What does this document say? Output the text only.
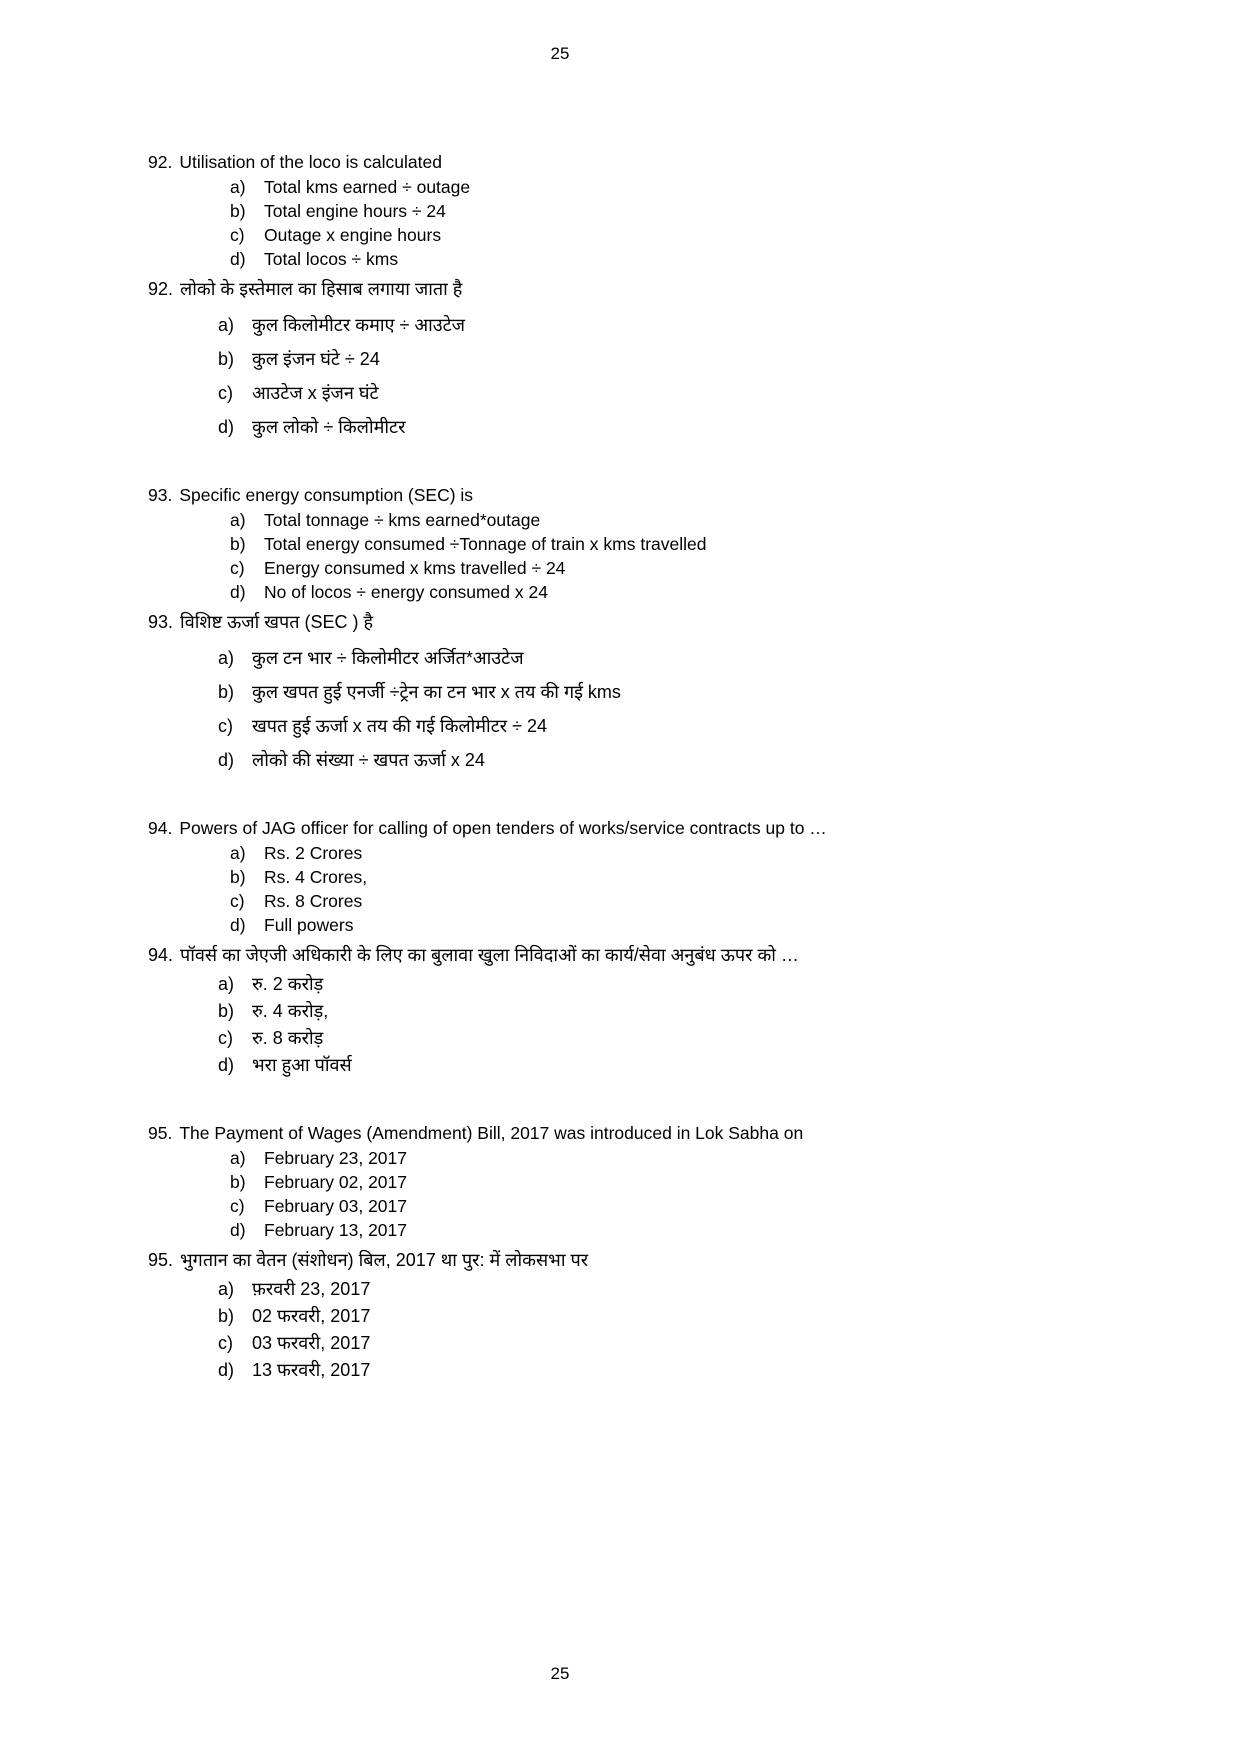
25
92. Utilisation of the loco is calculated
a)	Total kms earned ÷ outage
b)	Total engine hours ÷ 24
c)	Outage x engine hours
d)	Total locos ÷ kms
92. लोको के इस्तेमाल का हिसाब लगाया जाता है
a) कुल किलोमीटर कमाए ÷ आउटेज
b) कुल इंजन घंटे ÷ 24
c)	आउटेज x इंजन घंटे
d) कुल लोको ÷ किलोमीटर
93. Specific energy consumption (SEC) is
a)	Total tonnage ÷ kms earned*outage
b)	Total energy consumed ÷Tonnage of train x kms travelled
c)	Energy consumed x kms travelled ÷ 24
d)	No of locos ÷ energy consumed x 24
93. विशिष्ट ऊर्जा खपत (SEC ) है
a) कुल टन भार ÷ किलोमीटर अर्जित*आउटेज
b) कुल खपत हुई एनर्जी ÷ट्रेन का टन भार x तय की गई kms
c)	खपत हुई ऊर्जा x तय की गई किलोमीटर ÷ 24
d) लोको की संख्या ÷ खपत ऊर्जा x 24
94. Powers of JAG officer for calling of open tenders of works/service contracts up to …
a)	Rs. 2 Crores
b)	Rs. 4 Crores,
c)	Rs. 8 Crores
d)	Full powers
94. पॉवर्स का जेएजी अधिकारी के लिए का बुलावा खुला निविदाओं का कार्य/सेवा अनुबंध ऊपर को …
a) रु. 2 करोड़
b) रु. 4 करोड़,
c)	रु. 8 करोड़
d) भरा हुआ पॉवर्स
95. The Payment of Wages (Amendment) Bill, 2017 was introduced in Lok Sabha on
a)	February 23, 2017
b)	February 02, 2017
c)	February 03, 2017
d)	February 13, 2017
95. भुगतान का वेतन (संशोधन) बिल, 2017 था पुर: में लोकसभा पर
a) फ़रवरी 23, 2017
b) 02 फरवरी, 2017
c)	03 फरवरी, 2017
d) 13 फरवरी, 2017
25
